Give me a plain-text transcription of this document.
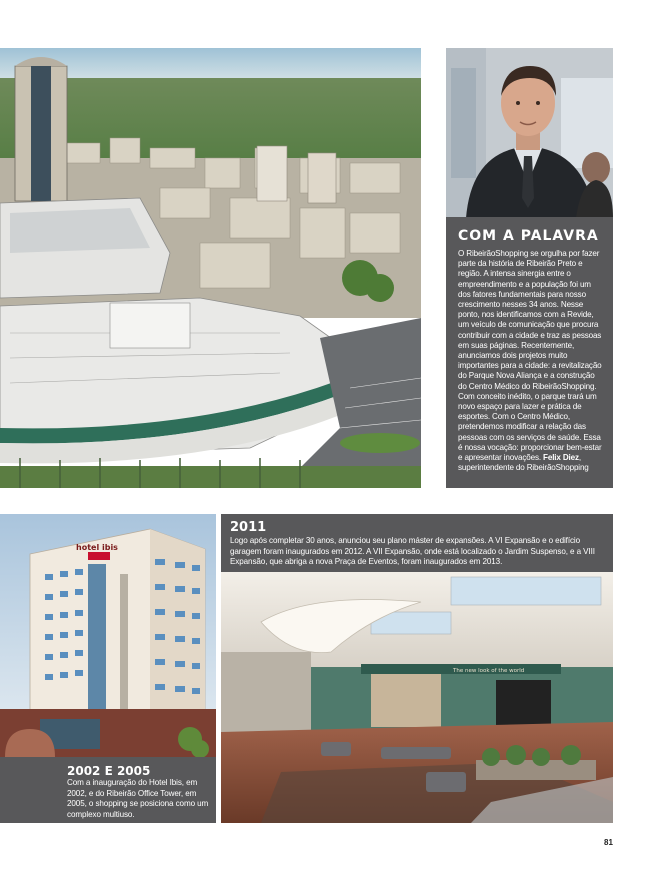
COM A PALAVRA
O RibeirãoShopping se orgulha por fazer parte da história de Ribeirão Preto e região. A intensa sinergia entre o empreendimento e a população foi um dos fatores fundamentais para nosso crescimento nesses 34 anos. Nesse ponto, nos identificamos com a Revide, um veículo de comunicação que procura contribuir com a cidade e traz as pessoas em suas páginas. Recentemente, anunciamos dois projetos muito importantes para a cidade: a revitalização do Parque Nova Aliança e a construção do Centro Médico do RibeirãoShopping. Com conceito inédito, o parque trará um novo espaço para lazer e prática de esportes. Com o Centro Médico, pretendemos modificar a relação das pessoas com os serviços de saúde. Essa é nossa vocação: proporcionar bem-estar e apresentar inovações. Felix Diez, superintendente do RibeirãoShopping
hotel ibis
2002 E 2005
Com a inauguração do Hotel Ibis, em 2002, e do Ribeirão Office Tower, em 2005, o shopping se posiciona como um complexo multiuso.
2011
Logo após completar 30 anos, anunciou seu plano máster de expansões. A VI Expansão e o edifício garagem foram inaugurados em 2012. A VII Expansão, onde está localizado o Jardim Suspenso, e a VIII Expansão, que abriga a nova Praça de Eventos, foram inaugurados em 2013.
The new look of the world
81
